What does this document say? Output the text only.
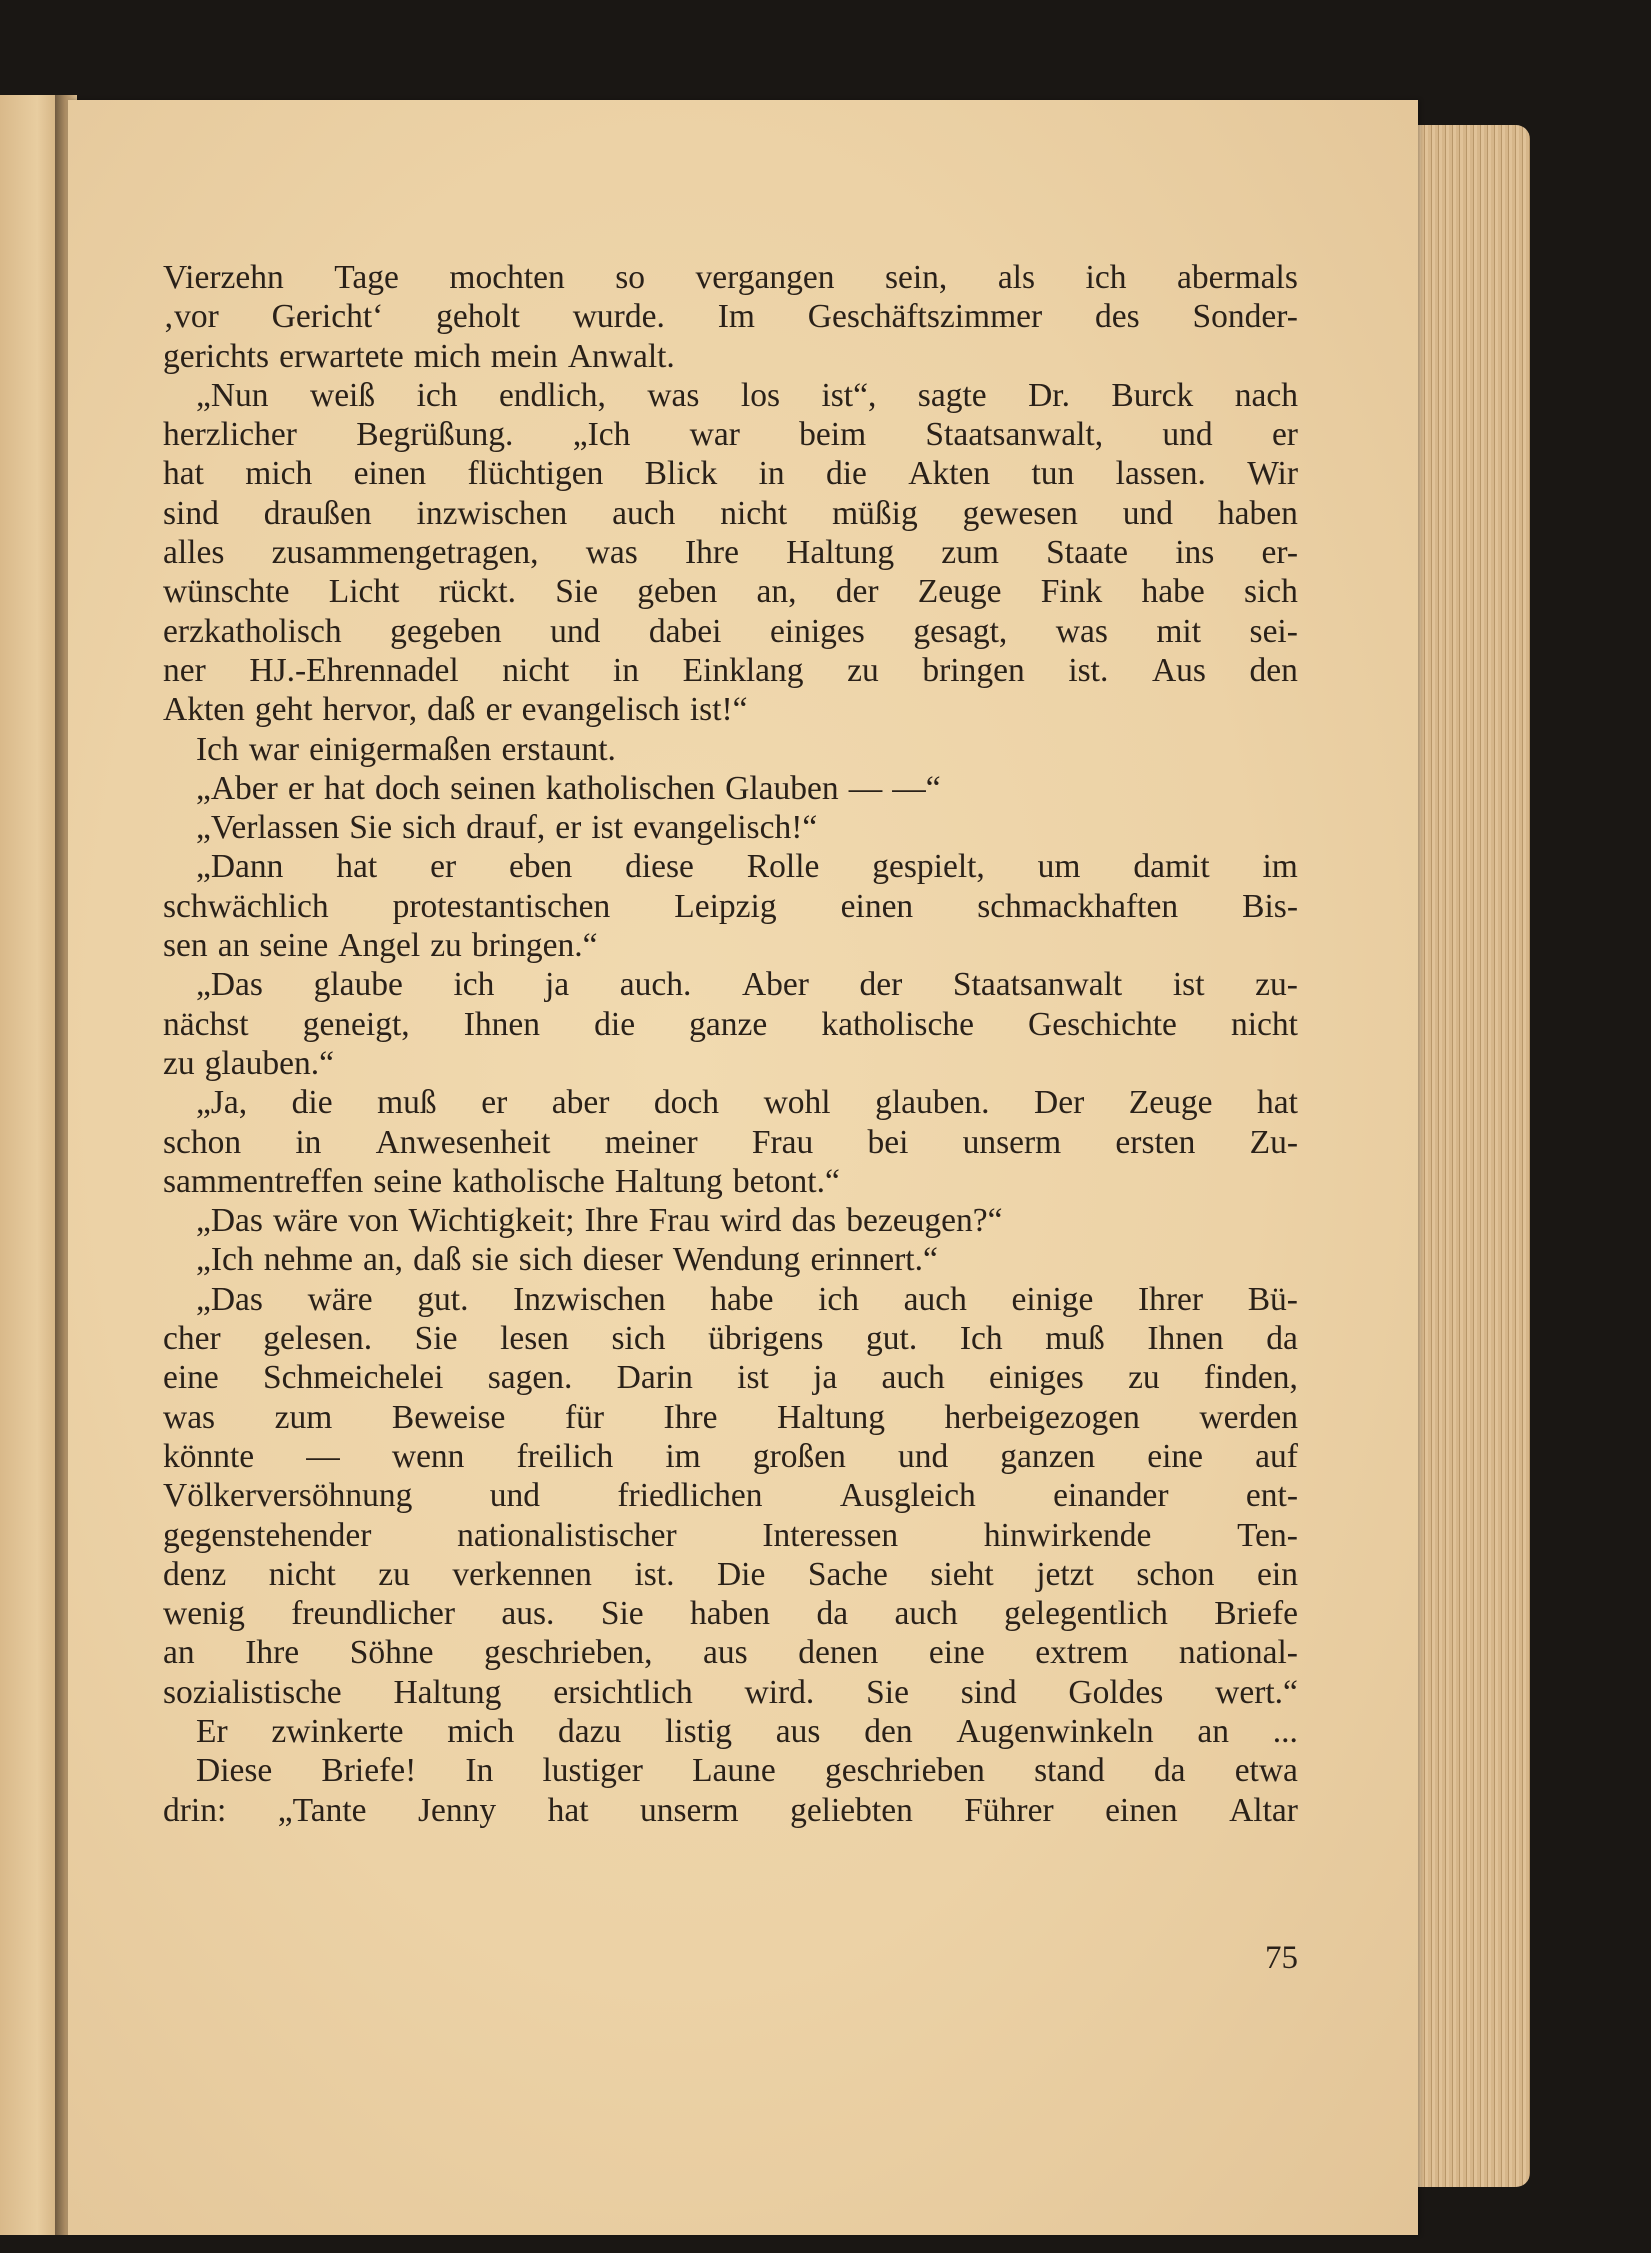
Vierzehn Tage mochten so vergangen sein, als ich abermals
‚vor Gericht‘ geholt wurde. Im Geschäftszimmer des Sonder-
gerichts erwartete mich mein Anwalt.
„Nun weiß ich endlich, was los ist“, sagte Dr. Burck nach
herzlicher Begrüßung. „Ich war beim Staatsanwalt, und er
hat mich einen flüchtigen Blick in die Akten tun lassen. Wir
sind draußen inzwischen auch nicht müßig gewesen und haben
alles zusammengetragen, was Ihre Haltung zum Staate ins er-
wünschte Licht rückt. Sie geben an, der Zeuge Fink habe sich
erzkatholisch gegeben und dabei einiges gesagt, was mit sei-
ner HJ.-Ehrennadel nicht in Einklang zu bringen ist. Aus den
Akten geht hervor, daß er evangelisch ist!“
Ich war einigermaßen erstaunt.
„Aber er hat doch seinen katholischen Glauben — —“
„Verlassen Sie sich drauf, er ist evangelisch!“
„Dann hat er eben diese Rolle gespielt, um damit im
schwächlich protestantischen Leipzig einen schmackhaften Bis-
sen an seine Angel zu bringen.“
„Das glaube ich ja auch. Aber der Staatsanwalt ist zu-
nächst geneigt, Ihnen die ganze katholische Geschichte nicht
zu glauben.“
„Ja, die muß er aber doch wohl glauben. Der Zeuge hat
schon in Anwesenheit meiner Frau bei unserm ersten Zu-
sammentreffen seine katholische Haltung betont.“
„Das wäre von Wichtigkeit; Ihre Frau wird das bezeugen?“
„Ich nehme an, daß sie sich dieser Wendung erinnert.“
„Das wäre gut. Inzwischen habe ich auch einige Ihrer Bü-
cher gelesen. Sie lesen sich übrigens gut. Ich muß Ihnen da
eine Schmeichelei sagen. Darin ist ja auch einiges zu finden,
was zum Beweise für Ihre Haltung herbeigezogen werden
könnte — wenn freilich im großen und ganzen eine auf
Völkerversöhnung und friedlichen Ausgleich einander ent-
gegenstehender	nationalistischer	Interessen	hinwirkende	Ten-
denz nicht zu verkennen ist. Die Sache sieht jetzt schon ein
wenig freundlicher aus. Sie haben da auch gelegentlich Briefe
an Ihre Söhne geschrieben, aus denen eine extrem national-
sozialistische Haltung ersichtlich wird. Sie sind Goldes wert.“
Er zwinkerte mich dazu listig aus den Augenwinkeln an ...
Diese Briefe! In lustiger Laune geschrieben stand da etwa
drin: „Tante Jenny hat unserm geliebten Führer einen Altar
75
